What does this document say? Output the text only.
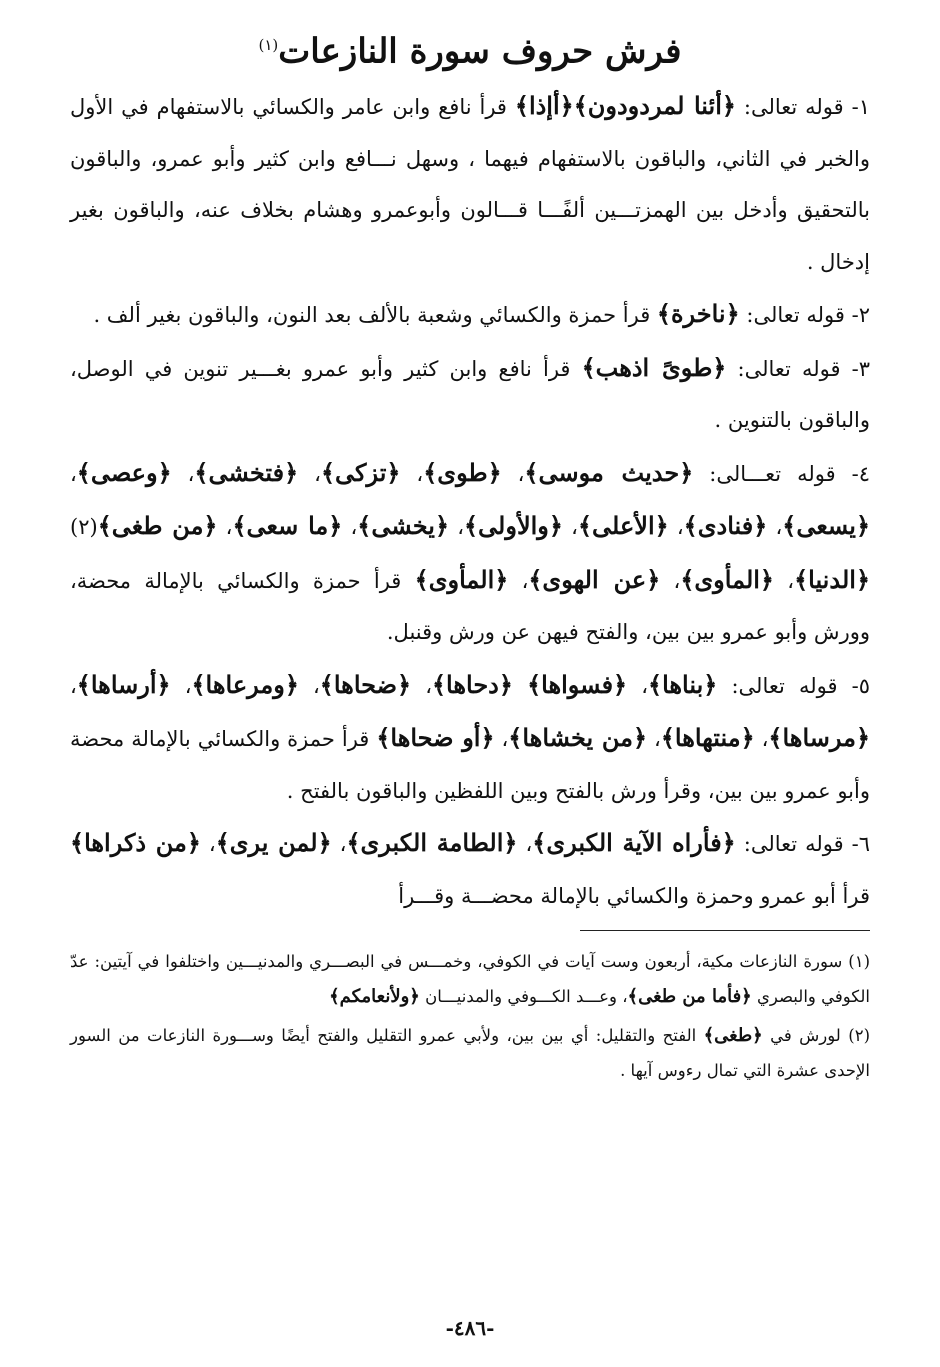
فرش حروف سورة النازعات$^{(١)}$

١- قوله تعالى: ﴿أئنا لمردودون﴾﴿أإذا﴾ قرأ نافع وابن عامر والكسائي بالاستفهام في الأول والخبر في الثاني، والباقون بالاستفهام فيهما ، وسهل نـــافع وابن كثير وأبو عمرو، والباقون بالتحقيق وأدخل بين الهمزتـــين ألفًـــا قـــالون وأبوعمرو وهشام بخلاف عنه، والباقون بغير إدخال .

٢- قوله تعالى: ﴿ناخرة﴾ قرأ حمزة والكسائي وشعبة بالألف بعد النون، والباقون بغير ألف .

٣- قوله تعالى: ﴿طوىً اذهب﴾ قرأ نافع وابن كثير وأبو عمرو بغـــير تنوين في الوصل، والباقون بالتنوين .

٤- قوله تعـــالى: ﴿حديث موسى﴾، ﴿طوى﴾، ﴿تزكى﴾، ﴿فتخشى﴾، ﴿وعصى﴾، ﴿يسعى﴾، ﴿فنادى﴾، ﴿الأعلى﴾، ﴿والأولى﴾، ﴿يخشى﴾، ﴿ما سعى﴾، ﴿من طغى﴾(٢) ﴿الدنيا﴾، ﴿المأوى﴾، ﴿عن الهوى﴾، ﴿المأوى﴾ قرأ حمزة والكسائي بالإمالة محضة، وورش وأبو عمرو بين بين، والفتح فيهن عن ورش وقنبل.

٥- قوله تعالى: ﴿بناها﴾، ﴿فسواها﴾ ﴿دحاها﴾، ﴿ضحاها﴾، ﴿ومرعاها﴾، ﴿أرساها﴾، ﴿مرساها﴾، ﴿منتهاها﴾، ﴿من يخشاها﴾، ﴿أو ضحاها﴾ قرأ حمزة والكسائي بالإمالة محضة وأبو عمرو بين بين، وقرأ ورش بالفتح وبين اللفظين والباقون بالفتح .

٦- قوله تعالى: ﴿فأراه الآية الكبرى﴾، ﴿الطامة الكبرى﴾، ﴿لمن يرى﴾، ﴿من ذكراها﴾ قرأ أبو عمرو وحمزة والكسائي بالإمالة محضـــة وقـــرأ

(١) سورة النازعات مكية، أربعون وست آيات في الكوفي، وخمـــس في البصـــري والمدنيـــين واختلفوا في آيتين: عدّ الكوفي والبصري ﴿فأما من طغى﴾، وعـــد الكـــوفي والمدنيـــان ﴿ولأنعامكم﴾

(٢) لورش في ﴿طغى﴾ الفتح والتقليل: أي بين بين، ولأبي عمرو التقليل والفتح أيضًا وســـورة النازعات من السور الإحدى عشرة التي تمال رءوس آيها .

-٤٨٦-
